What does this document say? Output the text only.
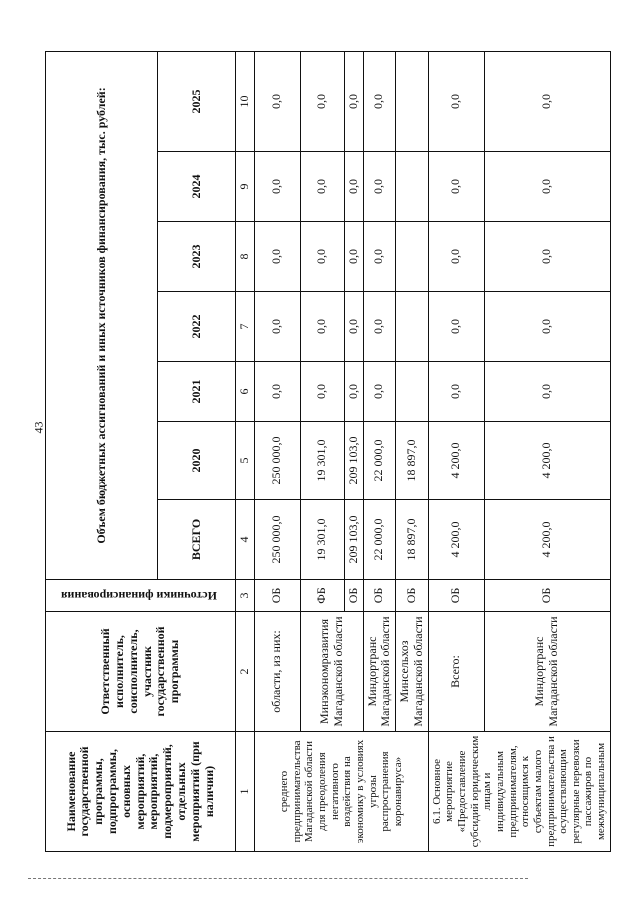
43
Наименование государственной программы, подпрограммы, основных мероприятий, мероприятий, подмероприятий, отдельных мероприятий (при наличии)	Ответственный исполнитель, соисполнитель, участник государственной программы	Источники финансирования	Объем бюджетных ассигнований и иных источников финансирования, тыс. рублей:						
			ВСЕГО	2020	2021	2022	2023	2024	2025
1	2	3	4	5	6	7	8	9	10
среднего предпринимательства Магаданской области для преодоления негативного воздействия на экономику в условиях угрозы распространения коронавируса»	области, из них:	ОБ	250 000,0	250 000,0	0,0	0,0	0,0	0,0	0,0
	Минэкономразвития Магаданской области	ФБ	19 301,0	19 301,0	0,0	0,0	0,0	0,0	0,0
		ОБ	209 103,0	209 103,0	0,0	0,0	0,0	0,0	0,0
	Миндортранс Магаданской области	ОБ	22 000,0	22 000,0	0,0	0,0	0,0	0,0	0,0
	Минсельхоз Магаданской области	ОБ	18 897,0	18 897,0					
6.1. Основное мероприятие «Предоставление субсидий юридическим лицам и индивидуальным предпринимателям, относящимся к субъектам малого предпринимательства и осуществляющим регулярные перевозки пассажиров по межмуниципальным	Всего:	ОБ	4 200,0	4 200,0	0,0	0,0	0,0	0,0	0,0
	Миндортранс Магаданской области	ОБ	4 200,0	4 200,0	0,0	0,0	0,0	0,0	0,0
